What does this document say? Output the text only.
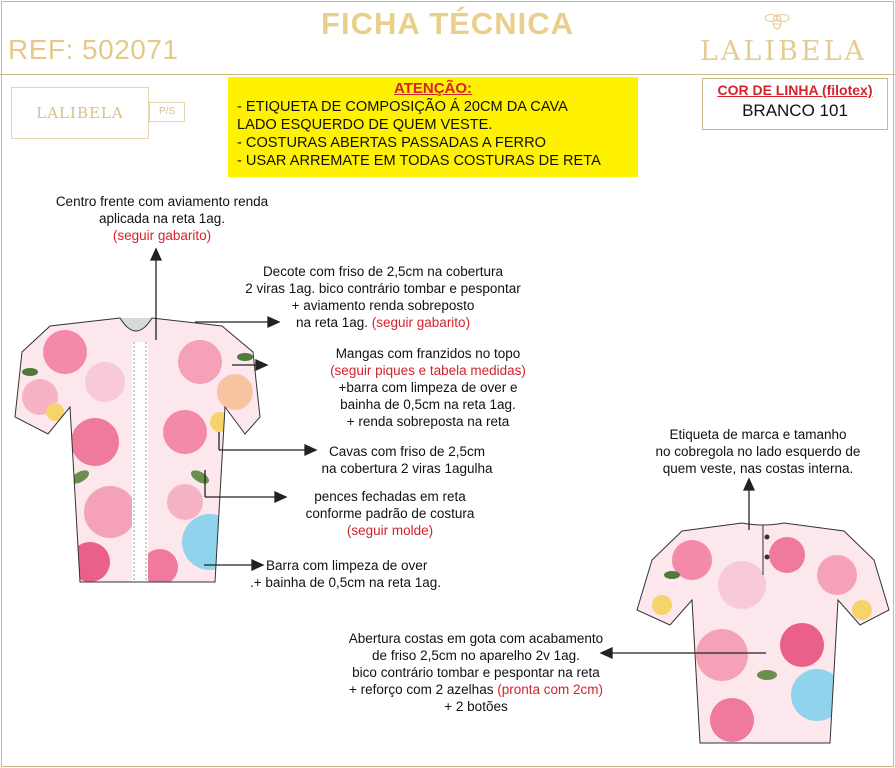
FICHA TÉCNICA
REF: 502071	LALIBELA
LALIBELA	P/S
ATENÇÃO:
- ETIQUETA DE COMPOSIÇÃO Á 20CM DA CAVA
LADO ESQUERDO DE QUEM VESTE.
- COSTURAS ABERTAS PASSADAS A FERRO
- USAR ARREMATE EM TODAS COSTURAS DE RETA
COR DE LINHA (filotex)
BRANCO 101
Centro frente com aviamento renda
aplicada na reta 1ag.
(seguir gabarito)
Decote com friso de 2,5cm na cobertura
2 viras 1ag. bico contrário tombar e pespontar
+ aviamento renda sobreposto
na reta 1ag. (seguir gabarito)
Mangas com franzidos no topo
(seguir piques e tabela medidas)
+barra com limpeza de over e
bainha de 0,5cm na reta 1ag.
+ renda sobreposta na reta
Cavas com friso de 2,5cm
na cobertura 2 viras 1agulha
pences fechadas em reta
conforme padrão de costura
(seguir molde)
Barra com limpeza de over
.+ bainha de 0,5cm na reta 1ag.
Etiqueta de marca e tamanho
no cobregola no lado esquerdo de
quem veste, nas costas interna.
Abertura costas em gota com acabamento
de friso 2,5cm no aparelho 2v 1ag.
bico contrário tombar e pespontar na reta
+ reforço com 2 azelhas (pronta com 2cm)
+ 2 botões
